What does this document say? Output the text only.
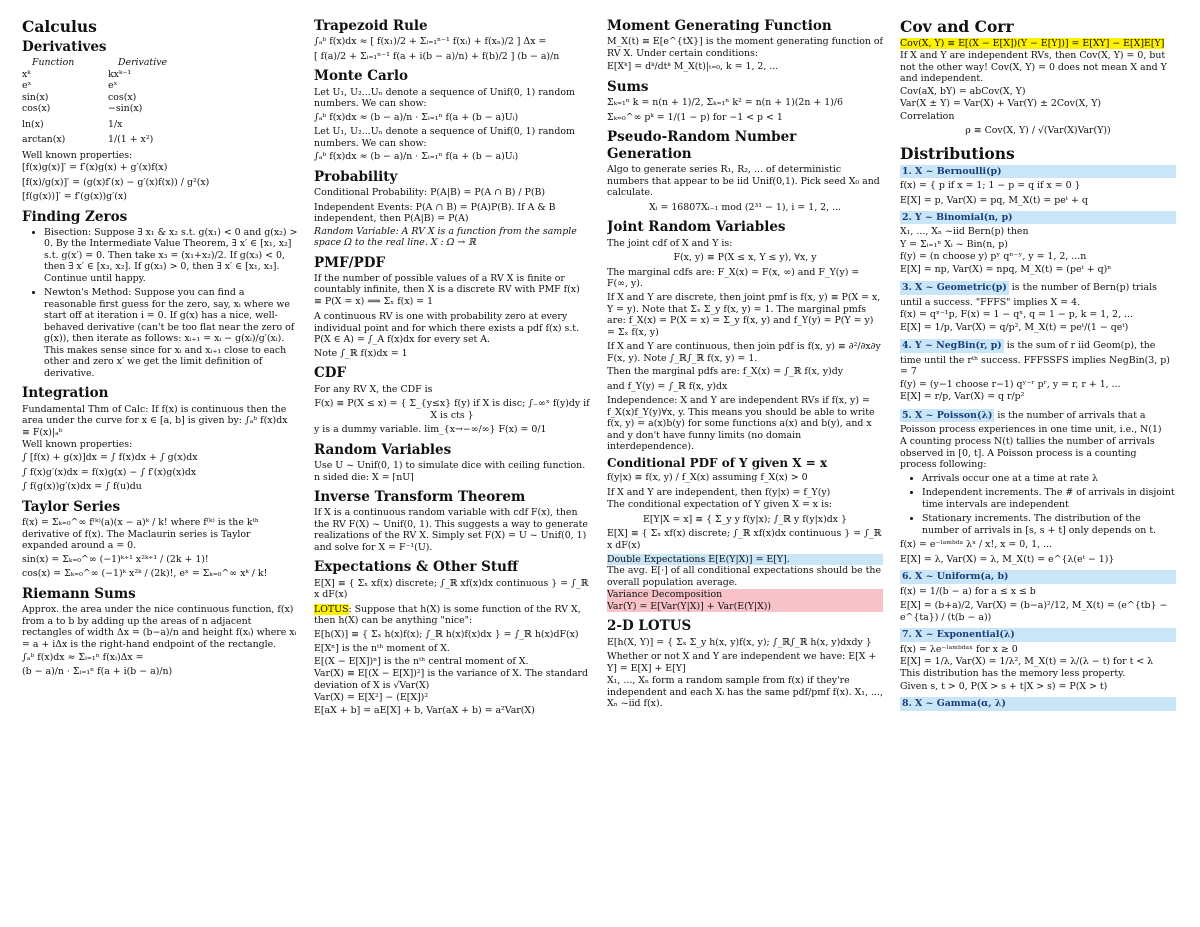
Calculus
Derivatives
Function	Derivative
xᵏ	kxᵏ⁻¹
eˣ	eˣ
sin(x)	cos(x)
cos(x)	−sin(x)
ln(x)	1/x
arctan(x)	1/(1 + x²)
Well known properties:
[f(x)g(x)]′ = f′(x)g(x) + g′(x)f(x)
[f(x)/g(x)]′ = (g(x)f′(x) − g′(x)f(x)) / g²(x)
[f(g(x))]′ = f′(g(x))g′(x)
Finding Zeros
• Bisection: Suppose ∃ x₁ & x₂ s.t. g(x₁) < 0 and g(x₂) > 0. By the Intermediate Value Theorem, ∃ x′ ∈ [x₁, x₂] s.t. g(x′) = 0. Then take x₃ = (x₁+x₂)/2. If g(x₃) < 0, then ∃ x′ ∈ [x₃, x₂]. If g(x₃) > 0, then ∃ x′ ∈ [x₁, x₃]. Continue until happy.
• Newton's Method: Suppose you can find a reasonable first guess for the zero, say, xᵢ where we start off at iteration i = 0. If g(x) has a nice, well-behaved derivative (can't be too flat near the zero of g(x)), then iterate as follows: xᵢ₊₁ = xᵢ − g(xᵢ)/g′(xᵢ). This makes sense since for xᵢ and xᵢ₊₁ close to each other and zero x′ we get the limit definition of derivative.
Integration
Fundamental Thm of Calc: If f(x) is continuous then the area under the curve for x ∈ [a, b] is given by: ∫ₐᵇ f(x)dx ≡ F(x)|ₐᵇ
Well known properties:
∫ [f(x) + g(x)]dx = ∫ f(x)dx + ∫ g(x)dx
∫ f(x)g′(x)dx = f(x)g(x) − ∫ f′(x)g(x)dx
∫ f(g(x))g′(x)dx = ∫ f(u)du
Taylor Series
f(x) = Σₖ₌₀^∞ f⁽ᵏ⁾(a)(x − a)ᵏ / k! where f⁽ᵏ⁾ is the kᵗʰ derivative of f(x). The Maclaurin series is Taylor expanded around a = 0.
sin(x) = Σₖ₌₀^∞ (−1)ᵏ⁺¹ x²ᵏ⁺¹ / (2k + 1)!
cos(x) = Σₖ₌₀^∞ (−1)ᵏ x²ᵏ / (2k)!, eˣ = Σₖ₌₀^∞ xᵏ / k!
Riemann Sums
Approx. the area under the nice continuous function, f(x) from a to b by adding up the areas of n adjacent rectangles of width Δx = (b−a)/n and height f(xᵢ) where xᵢ = a + iΔx is the right-hand endpoint of the rectangle.
∫ₐᵇ f(x)dx ≈ Σᵢ₌₁ⁿ f(xᵢ)Δx =
(b − a)/n · Σᵢ₌₁ⁿ f(a + i(b − a)/n)
Trapezoid Rule
∫ₐᵇ f(x)dx ≈ [ f(x₁)/2 + Σᵢ₌₁ⁿ⁻¹ f(xᵢ) + f(xₙ)/2 ] Δx =
[ f(a)/2 + Σᵢ₌₁ⁿ⁻¹ f(a + i(b − a)/n) + f(b)/2 ] (b − a)/n
Monte Carlo
Let U₁, U₂...Uₙ denote a sequence of Unif(0, 1) random numbers. We can show:
∫ₐᵇ f(x)dx ≈ (b − a)/n · Σᵢ₌₁ⁿ f(a + (b − a)Uᵢ)
Let U₁, U₂...Uₙ denote a sequence of Unif(0, 1) random numbers. We can show:
∫ₐᵇ f(x)dx ≈ (b − a)/n · Σᵢ₌₁ⁿ f(a + (b − a)Uᵢ)
Probability
Conditional Probability: P(A|B) = P(A ∩ B) / P(B)
Independent Events: P(A ∩ B) = P(A)P(B). If A & B independent, then P(A|B) = P(A)
Random Variable: A RV X is a function from the sample space Ω to the real line. X : Ω → ℝ
PMF/PDF
If the number of possible values of a RV X is finite or countably infinite, then X is a discrete RV with PMF f(x) ≡ P(X = x) ⟹ Σₓ f(x) = 1
A continuous RV is one with probability zero at every individual point and for which there exists a pdf f(x) s.t. P(X ∈ A) = ∫_A f(x)dx for every set A.
Note ∫_ℝ f(x)dx = 1
CDF
For any RV X, the CDF is
F(x) ≡ P(X ≤ x) = { Σ_{y≤x} f(y) if X is disc; ∫₋∞ˣ f(y)dy if X is cts }
y is a dummy variable. lim_{x→−∞/∞} F(x) = 0/1
Random Variables
Use U ~ Unif(0, 1) to simulate dice with ceiling function. n sided die: X = ⌈nU⌉
Inverse Transform Theorem
If X is a continuous random variable with cdf F(x), then the RV F(X) ~ Unif(0, 1). This suggests a way to generate realizations of the RV X. Simply set F(X) = U ~ Unif(0, 1) and solve for X = F⁻¹(U).
Expectations & Other Stuff
E[X] ≡ { Σₓ xf(x) discrete; ∫_ℝ xf(x)dx continuous } = ∫_ℝ x dF(x)
LOTUS: Suppose that h(X) is some function of the RV X, then h(X) can be anything "nice":
E[h(X)] ≡ { Σₓ h(x)f(x); ∫_ℝ h(x)f(x)dx } = ∫_ℝ h(x)dF(x)
E[Xⁿ] is the nᵗʰ moment of X.
E[(X − E[X])ⁿ] is the nᵗʰ central moment of X.
Var(X) ≡ E[(X − E[X])²] is the variance of X. The standard deviation of X is √Var(X)
Var(X) = E[X²] − (E[X])²
E[aX + b] = aE[X] + b, Var(aX + b) = a²Var(X)
Moment Generating Function
M_X(t) ≡ E[e^{tX}] is the moment generating function of RV X. Under certain conditions:
E[Xᵏ] = dᵏ/dtᵏ M_X(t)|ₜ₌₀, k = 1, 2, ...
Sums
Σₖ₌₁ⁿ k = n(n + 1)/2, Σₖ₌₁ⁿ k² = n(n + 1)(2n + 1)/6
Σₖ₌₀^∞ pᵏ = 1/(1 − p) for −1 < p < 1
Pseudo-Random Number Generation
Algo to generate series R₁, R₂, ... of deterministic numbers that appear to be iid Unif(0,1). Pick seed X₀ and calculate.
Xᵢ = 16807Xᵢ₋₁ mod (2³¹ − 1), i = 1, 2, ...
Joint Random Variables
The joint cdf of X and Y is:
F(x, y) ≡ P(X ≤ x, Y ≤ y), ∀x, y
The marginal cdfs are: F_X(x) = F(x, ∞) and F_Y(y) = F(∞, y).
If X and Y are discrete, then joint pmf is f(x, y) ≡ P(X = x, Y = y). Note that Σₓ Σ_y f(x, y) = 1. The marginal pmfs are: f_X(x) = P(X = x) = Σ_y f(x, y) and f_Y(y) = P(Y = y) = Σₓ f(x, y)
If X and Y are continuous, then join pdf is f(x, y) ≡ ∂²/∂x∂y F(x, y). Note ∫_ℝ∫_ℝ f(x, y) = 1.
Then the marginal pdfs are: f_X(x) = ∫_ℝ f(x, y)dy
and f_Y(y) = ∫_ℝ f(x, y)dx
Independence: X and Y are independent RVs if f(x, y) = f_X(x)f_Y(y)∀x, y. This means you should be able to write f(x, y) = a(x)b(y) for some functions a(x) and b(y), and x and y don't have funny limits (no domain interdependence).
Conditional PDF of Y given X = x
f(y|x) ≡ f(x, y) / f_X(x) assuming f_X(x) > 0
If X and Y are independent, then f(y|x) = f_Y(y)
The conditional expectation of Y given X = x is:
E[Y|X = x] ≡ { Σ_y y f(y|x); ∫_ℝ y f(y|x)dx }
E[X] ≡ { Σₓ xf(x) discrete; ∫_ℝ xf(x)dx continuous } = ∫_ℝ x dF(x)
Double Expectations E[E(Y|X)] = E[Y].
The avg. E[·] of all conditional expectations should be the overall population average.
Variance Decomposition
Var(Y) = E[Var(Y|X)] + Var(E(Y|X))
2-D LOTUS
E[h(X, Y)] = { Σₓ Σ_y h(x, y)f(x, y); ∫_ℝ∫_ℝ h(x, y)dxdy }
Whether or not X and Y are independent we have: E[X + Y] = E[X] + E[Y]
X₁, ..., Xₙ form a random sample from f(x) if they're independent and each Xᵢ has the same pdf/pmf f(x). X₁, ..., Xₙ ~iid f(x).
Cov and Corr
Cov(X, Y) ≡ E[(X − E[X])(Y − E[Y])] = E[XY] − E[X]E[Y]
If X and Y are independent RVs, then Cov(X, Y) = 0, but not the other way! Cov(X, Y) = 0 does not mean X and Y and independent.
Cov(aX, bY) = abCov(X, Y)
Var(X ± Y) = Var(X) + Var(Y) ± 2Cov(X, Y)
Correlation
ρ ≡ Cov(X, Y) / √(Var(X)Var(Y))
Distributions
1. X ~ Bernoulli(p)
f(x) = { p if x = 1; 1 − p = q if x = 0 }
E[X] = p, Var(X) = pq, M_X(t) = peᵗ + q
2. Y ~ Binomial(n, p)
X₁, ..., Xₙ ~iid Bern(p) then
Y = Σᵢ₌₁ⁿ Xᵢ ~ Bin(n, p)
f(y) = (n choose y) pʸ qⁿ⁻ʸ, y = 1, 2, ...n
E[X] = np, Var(X) = npq, M_X(t) = (peᵗ + q)ⁿ
3. X ~ Geometric(p) is the number of Bern(p) trials until a success. "FFFS" implies X = 4.
f(x) = qˣ⁻¹p, F(x) = 1 − qˣ, q = 1 − p, k = 1, 2, ...
E[X] = 1/p, Var(X) = q/p², M_X(t) = peᵗ/(1 − qeᵗ)
4. Y ~ NegBin(r, p) is the sum of r iid Geom(p), the time until the rᵗʰ success. FFFSSFS implies NegBin(3, p) = 7
f(y) = (y−1 choose r−1) qʸ⁻ʳ pʳ, y = r, r + 1, ...
E[X] = r/p, Var(X) = q r/p²
5. X ~ Poisson(λ) is the number of arrivals that a Poisson process experiences in one time unit, i.e., N(1)
A counting process N(t) tallies the number of arrivals observed in [0, t]. A Poisson process is a counting process following:
• Arrivals occur one at a time at rate λ
• Independent increments. The # of arrivals in disjoint time intervals are independent
• Stationary increments. The distribution of the number of arrivals in [s, s + t] only depends on t.
f(x) = e⁻ˡᵃᵐᵇᵈᵃ λˣ / x!, x = 0, 1, ...
E[X] = λ, Var(X) = λ, M_X(t) = e^{λ(eᵗ − 1)}
6. X ~ Uniform(a, b)
f(x) = 1/(b − a) for a ≤ x ≤ b
E[X] = (b+a)/2, Var(X) = (b−a)²/12, M_X(t) = (e^{tb} − e^{ta}) / (t(b − a))
7. X ~ Exponential(λ)
f(x) = λe⁻ˡᵃᵐᵇᵈᵃˣ for x ≥ 0
E[X] = 1/λ, Var(X) = 1/λ², M_X(t) = λ/(λ − t) for t < λ
This distribution has the memory less property.
Given s, t > 0, P(X > s + t|X > s) = P(X > t)
8. X ~ Gamma(α, λ)
